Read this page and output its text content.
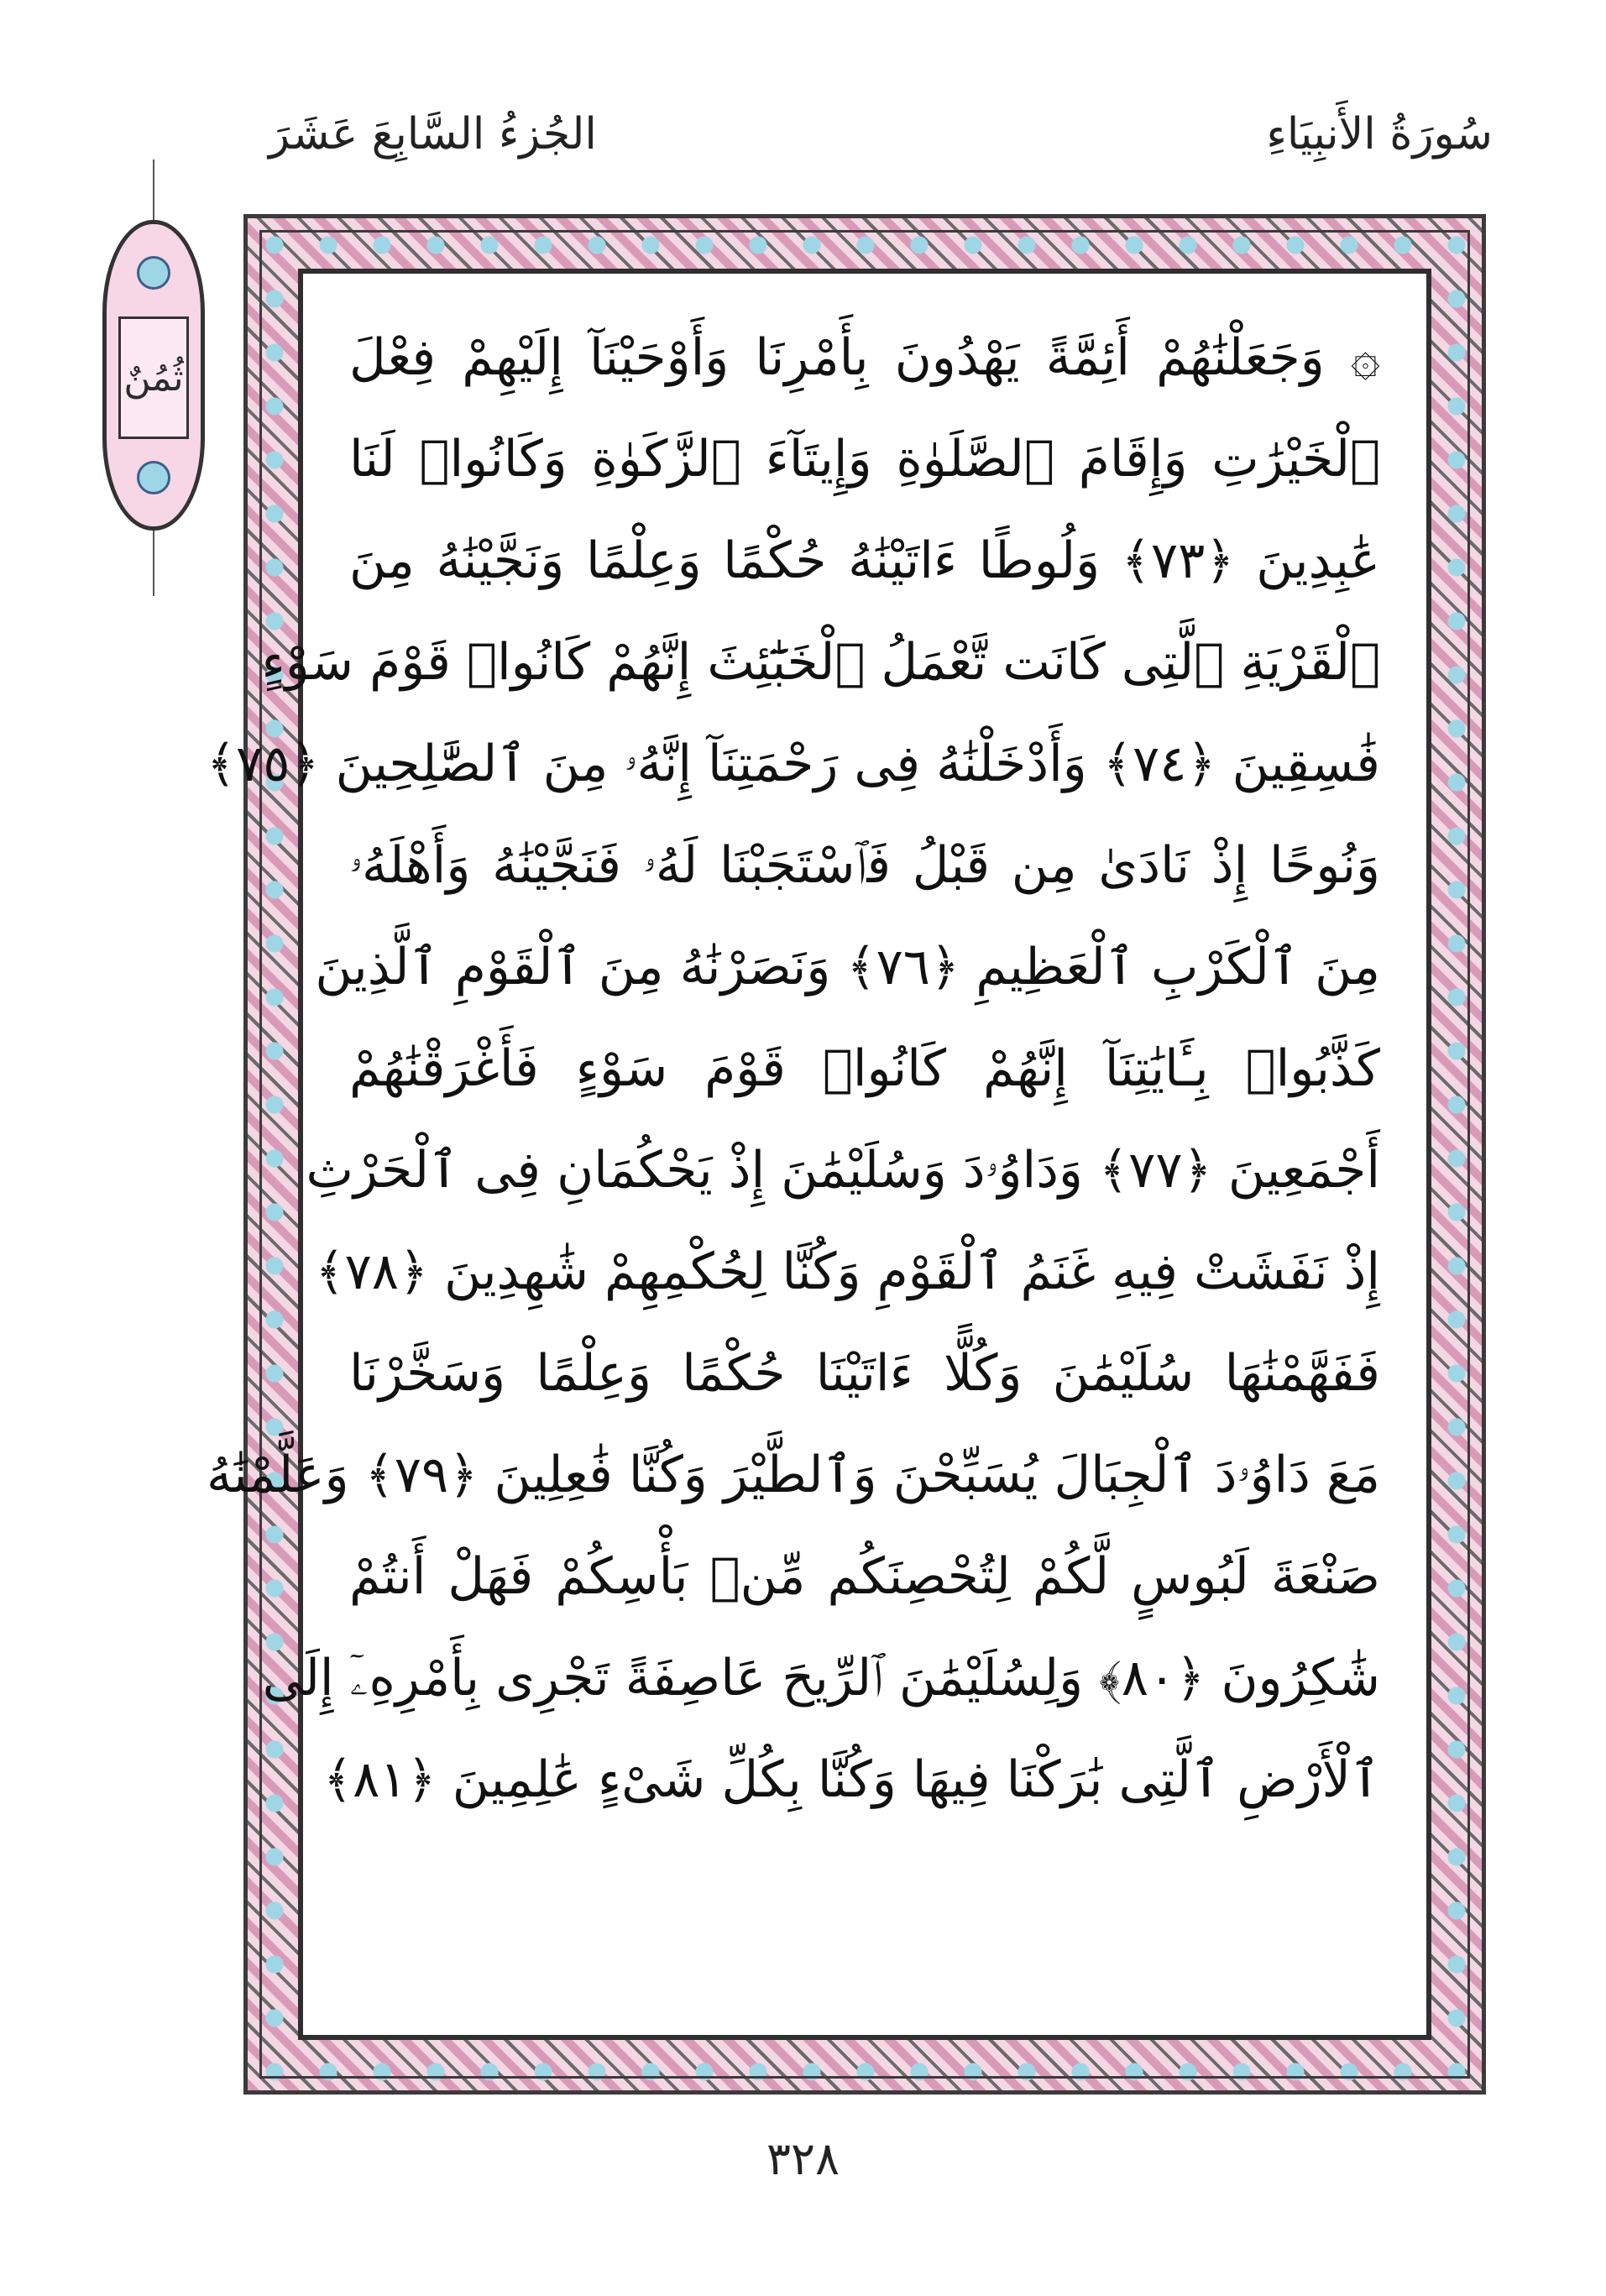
سُورَةُ الأَنبِيَاءِ
الجُزءُ السَّابِعَ عَشَرَ
ثُمُنٌ	۞ وَجَعَلْنَٰهُمْ أَئِمَّةً يَهْدُونَ بِأَمْرِنَا وَأَوْحَيْنَآ إِلَيْهِمْ فِعْلَ
ٱلْخَيْرَٰتِ وَإِقَامَ ٱلصَّلَوٰةِ وَإِيتَآءَ ٱلزَّكَوٰةِ وَكَانُوا۟ لَنَا
عَٰبِدِينَ ﴿٧٣﴾ وَلُوطًا ءَاتَيْنَٰهُ حُكْمًا وَعِلْمًا وَنَجَّيْنَٰهُ مِنَ
ٱلْقَرْيَةِ ٱلَّتِى كَانَت تَّعْمَلُ ٱلْخَبَٰٓئِثَ إِنَّهُمْ كَانُوا۟ قَوْمَ سَوْءٍ
فَٰسِقِينَ ﴿٧٤﴾ وَأَدْخَلْنَٰهُ فِى رَحْمَتِنَآ إِنَّهُۥ مِنَ ٱلصَّٰلِحِينَ ﴿٧٥﴾
وَنُوحًا إِذْ نَادَىٰ مِن قَبْلُ فَٱسْتَجَبْنَا لَهُۥ فَنَجَّيْنَٰهُ وَأَهْلَهُۥ
مِنَ ٱلْكَرْبِ ٱلْعَظِيمِ ﴿٧٦﴾ وَنَصَرْنَٰهُ مِنَ ٱلْقَوْمِ ٱلَّذِينَ
كَذَّبُوا۟ بِـَٔايَٰتِنَآ إِنَّهُمْ كَانُوا۟ قَوْمَ سَوْءٍ فَأَغْرَقْنَٰهُمْ
أَجْمَعِينَ ﴿٧٧﴾ وَدَاوُۥدَ وَسُلَيْمَٰنَ إِذْ يَحْكُمَانِ فِى ٱلْحَرْثِ
إِذْ نَفَشَتْ فِيهِ غَنَمُ ٱلْقَوْمِ وَكُنَّا لِحُكْمِهِمْ شَٰهِدِينَ ﴿٧٨﴾
فَفَهَّمْنَٰهَا سُلَيْمَٰنَ وَكُلًّا ءَاتَيْنَا حُكْمًا وَعِلْمًا وَسَخَّرْنَا
مَعَ دَاوُۥدَ ٱلْجِبَالَ يُسَبِّحْنَ وَٱلطَّيْرَ وَكُنَّا فَٰعِلِينَ ﴿٧٩﴾ وَعَلَّمْنَٰهُ
صَنْعَةَ لَبُوسٍ لَّكُمْ لِتُحْصِنَكُم مِّنۢ بَأْسِكُمْ فَهَلْ أَنتُمْ
شَٰكِرُونَ ﴿٨٠﴾ وَلِسُلَيْمَٰنَ ٱلرِّيحَ عَاصِفَةً تَجْرِى بِأَمْرِهِۦٓ إِلَى
ٱلْأَرْضِ ٱلَّتِى بَٰرَكْنَا فِيهَا وَكُنَّا بِكُلِّ شَىْءٍ عَٰلِمِينَ ﴿٨١﴾
٣٢٨
